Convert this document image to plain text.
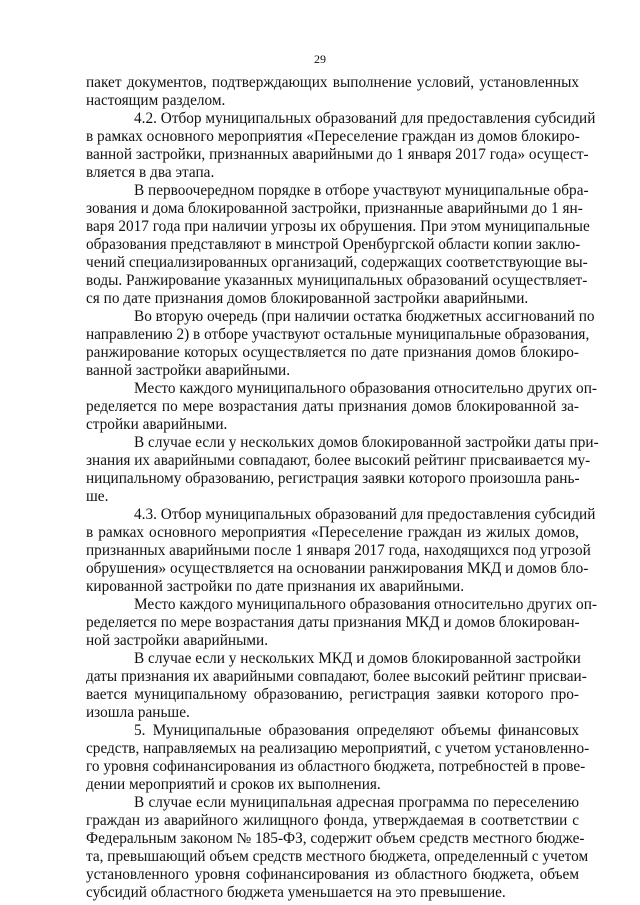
29
пакет документов, подтверждающих выполнение условий, установленных
настоящим разделом.
4.2. Отбор муниципальных образований для предоставления субсидий
в рамках основного мероприятия «Переселение граждан из домов блокиро-
ванной застройки, признанных аварийными до 1 января 2017 года» осущест-
вляется в два этапа.
В первоочередном порядке в отборе участвуют муниципальные обра-
зования и дома блокированной застройки, признанные аварийными до 1 ян-
варя 2017 года при наличии угрозы их обрушения. При этом муниципальные
образования представляют в минстрой Оренбургской области копии заклю-
чений специализированных организаций, содержащих соответствующие вы-
воды. Ранжирование указанных муниципальных образований осуществляет-
ся по дате признания домов блокированной застройки аварийными.
Во вторую очередь (при наличии остатка бюджетных ассигнований по
направлению 2) в отборе участвуют остальные муниципальные образования,
ранжирование которых осуществляется по дате признания домов блокиро-
ванной застройки аварийными.
Место каждого муниципального образования относительно других оп-
ределяется по мере возрастания даты признания домов блокированной за-
стройки аварийными.
В случае если у нескольких домов блокированной застройки даты при-
знания их аварийными совпадают, более высокий рейтинг присваивается му-
ниципальному образованию, регистрация заявки которого произошла рань-
ше.
4.3. Отбор муниципальных образований для предоставления субсидий
в рамках основного мероприятия «Переселение граждан из жилых домов,
признанных аварийными после 1 января 2017 года, находящихся под угрозой
обрушения» осуществляется на основании ранжирования МКД и домов бло-
кированной застройки по дате признания их аварийными.
Место каждого муниципального образования относительно других оп-
ределяется по мере возрастания даты признания МКД и домов блокирован-
ной застройки аварийными.
В случае если у нескольких МКД и домов блокированной застройки
даты признания их аварийными совпадают, более высокий рейтинг присваи-
вается муниципальному образованию, регистрация заявки которого про-
изошла раньше.
5. Муниципальные образования определяют объемы финансовых
средств, направляемых на реализацию мероприятий, с учетом установленно-
го уровня софинансирования из областного бюджета, потребностей в прове-
дении мероприятий и сроков их выполнения.
В случае если муниципальная адресная программа по переселению
граждан из аварийного жилищного фонда, утверждаемая в соответствии с
Федеральным законом № 185-ФЗ, содержит объем средств местного бюдже-
та, превышающий объем средств местного бюджета, определенный с учетом
установленного уровня софинансирования из областного бюджета, объем
субсидий областного бюджета уменьшается на это превышение.
